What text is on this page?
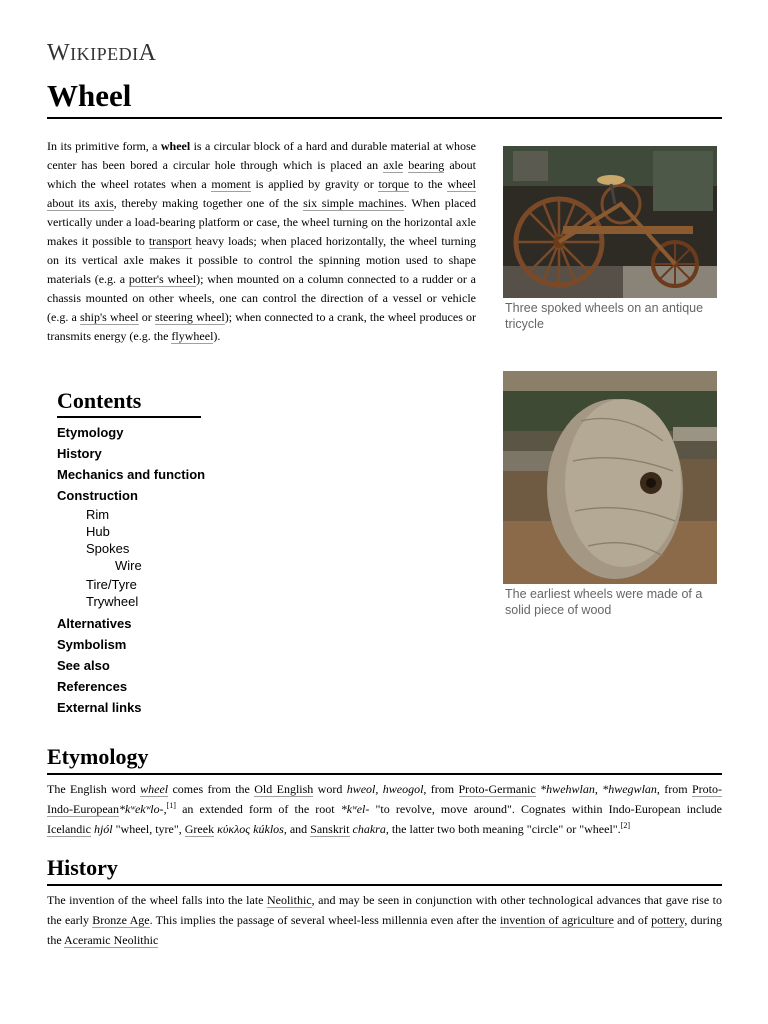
WIKIPEDIA
Wheel

In its primitive form, a wheel is a circular block of a hard and durable material at whose center has been bored a circular hole through which is placed an axle bearing about which the wheel rotates when a moment is applied by gravity or torque to the wheel about its axis, thereby making together one of the six simple machines. When placed vertically under a load-bearing platform or case, the wheel turning on the horizontal axle makes it possible to transport heavy loads; when placed horizontally, the wheel turning on its vertical axle makes it possible to control the spinning motion used to shape materials (e.g. a potter's wheel); when mounted on a column connected to a rudder or a chassis mounted on other wheels, one can control the direction of a vessel or vehicle (e.g. a ship's wheel or steering wheel); when connected to a crank, the wheel produces or transmits energy (e.g. the flywheel).

Three spoked wheels on an antique tricycle
The earliest wheels were made of a solid piece of wood
Contents
Etymology
History
Mechanics and function
Construction
Rim
Hub
Spokes
Wire
Tire/Tyre
Trywheel
Alternatives
Symbolism
See also
References
External links
Etymology

The English word wheel comes from the Old English word hweol, hweogol, from Proto-Germanic *hwehwlan, *hwegwlan, from Proto-Indo-European*kʷekʷlo-,[1] an extended form of the root *kʷel- "to revolve, move around". Cognates within Indo-European include Icelandic hjól "wheel, tyre", Greek κύκλος kúklos, and Sanskrit chakra, the latter two both meaning "circle" or "wheel".[2]

History

The invention of the wheel falls into the late Neolithic, and may be seen in conjunction with other technological advances that gave rise to the early Bronze Age. This implies the passage of several wheel-less millennia even after the invention of agriculture and of pottery, during the Aceramic Neolithic
